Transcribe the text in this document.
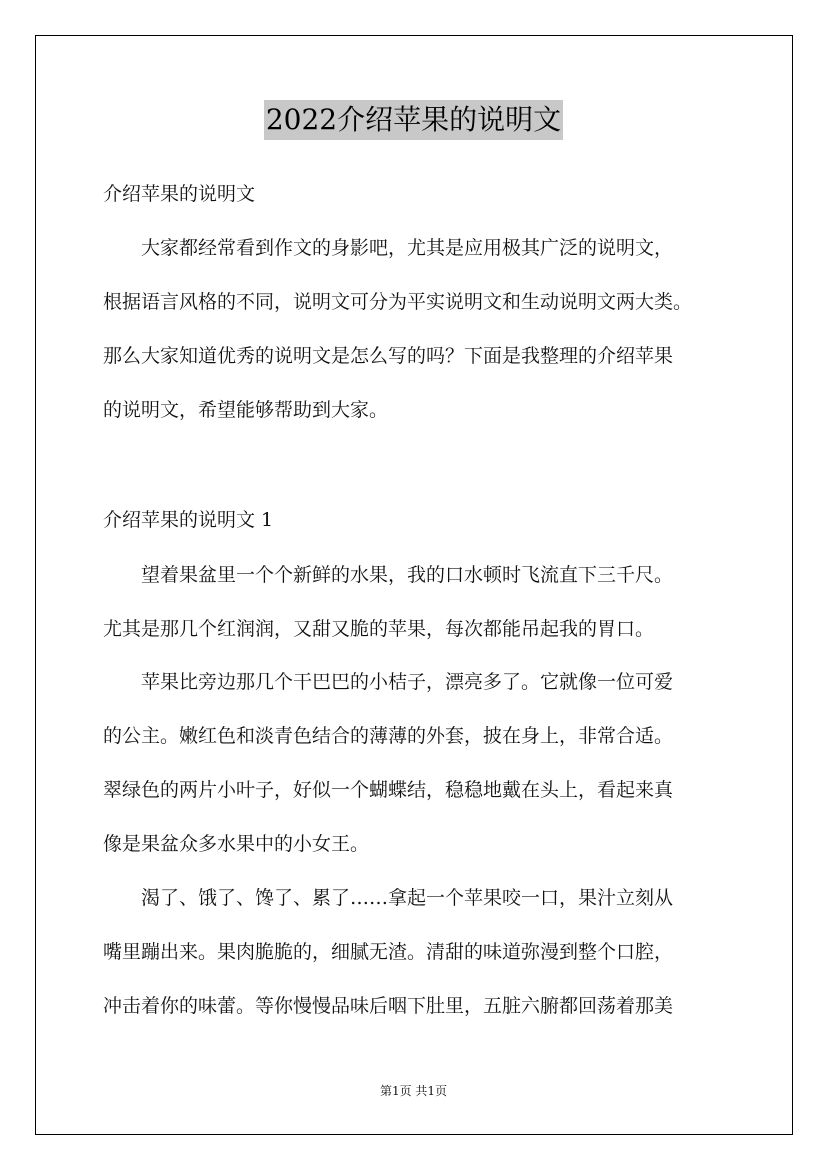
2022介绍苹果的说明文
介绍苹果的说明文
大家都经常看到作文的身影吧，尤其是应用极其广泛的说明文，
根据语言风格的不同，说明文可分为平实说明文和生动说明文两大类。
那么大家知道优秀的说明文是怎么写的吗？下面是我整理的介绍苹果
的说明文，希望能够帮助到大家。
介绍苹果的说明文 1
望着果盆里一个个新鲜的水果，我的口水顿时飞流直下三千尺。
尤其是那几个红润润，又甜又脆的苹果，每次都能吊起我的胃口。
苹果比旁边那几个干巴巴的小桔子，漂亮多了。它就像一位可爱
的公主。嫩红色和淡青色结合的薄薄的外套，披在身上，非常合适。
翠绿色的两片小叶子，好似一个蝴蝶结，稳稳地戴在头上，看起来真
像是果盆众多水果中的小女王。
渴了、饿了、馋了、累了……拿起一个苹果咬一口，果汁立刻从
嘴里蹦出来。果肉脆脆的，细腻无渣。清甜的味道弥漫到整个口腔，
冲击着你的味蕾。等你慢慢品味后咽下肚里，五脏六腑都回荡着那美
第1页 共1页
